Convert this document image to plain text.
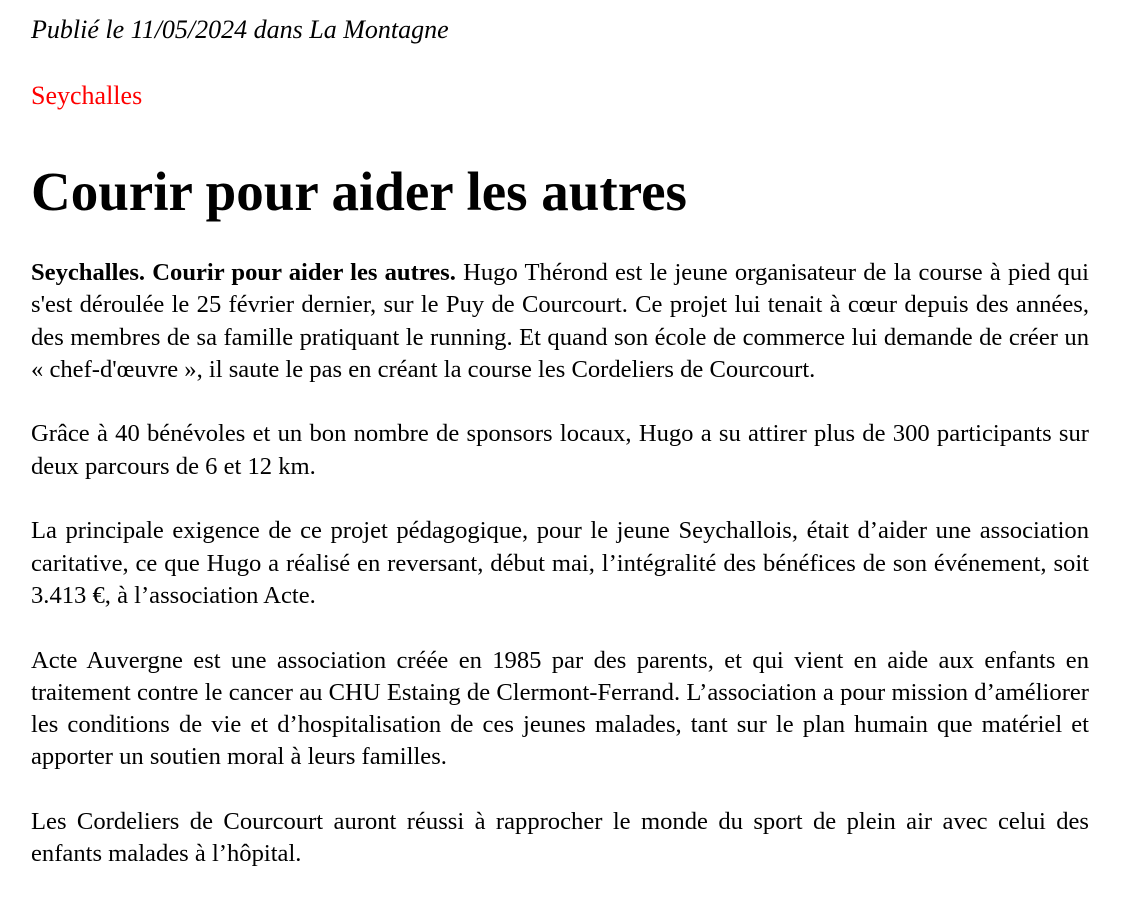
Publié le 11/05/2024 dans La Montagne

Seychalles

Courir pour aider les autres

Seychalles. Courir pour aider les autres. Hugo Thérond est le jeune organisateur de la course à pied qui s'est déroulée le 25 février dernier, sur le Puy de Courcourt. Ce projet lui tenait à cœur depuis des années, des membres de sa famille pratiquant le running. Et quand son école de commerce lui demande de créer un « chef-d'œuvre », il saute le pas en créant la course les Cordeliers de Courcourt.

Grâce à 40 bénévoles et un bon nombre de sponsors locaux, Hugo a su attirer plus de 300 participants sur deux parcours de 6 et 12 km.

La principale exigence de ce projet pédagogique, pour le jeune Seychallois, était d’aider une association caritative, ce que Hugo a réalisé en reversant, début mai, l’intégralité des bénéfices de son événement, soit 3.413 €, à l’association Acte.

Acte Auvergne est une association créée en 1985 par des parents, et qui vient en aide aux enfants en traitement contre le cancer au CHU Estaing de Clermont-Ferrand. L’association a pour mission d’améliorer les conditions de vie et d’hospitalisation de ces jeunes malades, tant sur le plan humain que matériel et apporter un soutien moral à leurs familles.

Les Cordeliers de Courcourt auront réussi à rapprocher le monde du sport de plein air avec celui des enfants malades à l’hôpital.
